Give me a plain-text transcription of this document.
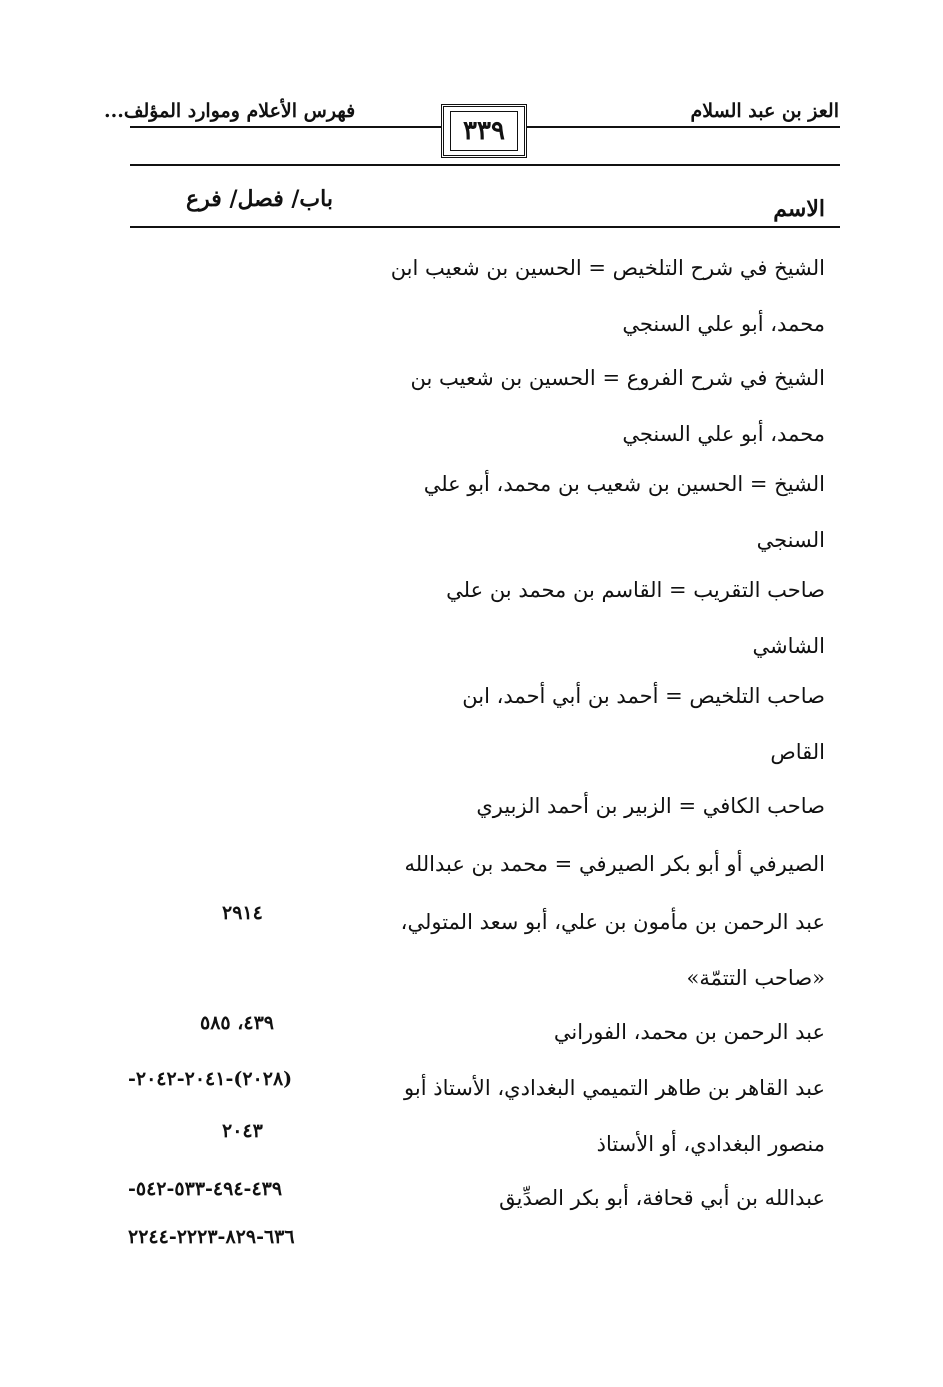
العز بن عبد السلام
فهرس الأعلام وموارد المؤلف...
٣٣٩
باب/ فصل/ فرع	الاسم
الشيخ في شرح التلخيص = الحسين بن شعيب ابن
محمد، أبو علي السنجي
الشيخ في شرح الفروع = الحسين بن شعيب بن
محمد، أبو علي السنجي
الشيخ = الحسين بن شعيب بن محمد، أبو علي
السنجي
صاحب التقريب = القاسم بن محمد بن علي
الشاشي
صاحب التلخيص = أحمد بن أبي أحمد، ابن
القاص
صاحب الكافي = الزبير بن أحمد الزبيري
الصيرفي أو أبو بكر الصيرفي = محمد بن عبدالله
عبد الرحمن بن مأمون بن علي، أبو سعد المتولي،
«صاحب التتمّة»
عبد الرحمن بن محمد، الفوراني
عبد القاهر بن طاهر التميمي البغدادي، الأستاذ أبو
منصور البغدادي، أو الأستاذ
عبدالله بن أبي قحافة، أبو بكر الصدِّيق
٢٩١٤
٤٣٩، ٥٨٥
(٢٠٢٨)-٢٠٤١-٢٠٤٢-
٢٠٤٣
٤٣٩-٤٩٤-٥٣٣-٥٤٢-
٦٣٦-٨٢٩-٢٢٢٣-٢٢٤٤
